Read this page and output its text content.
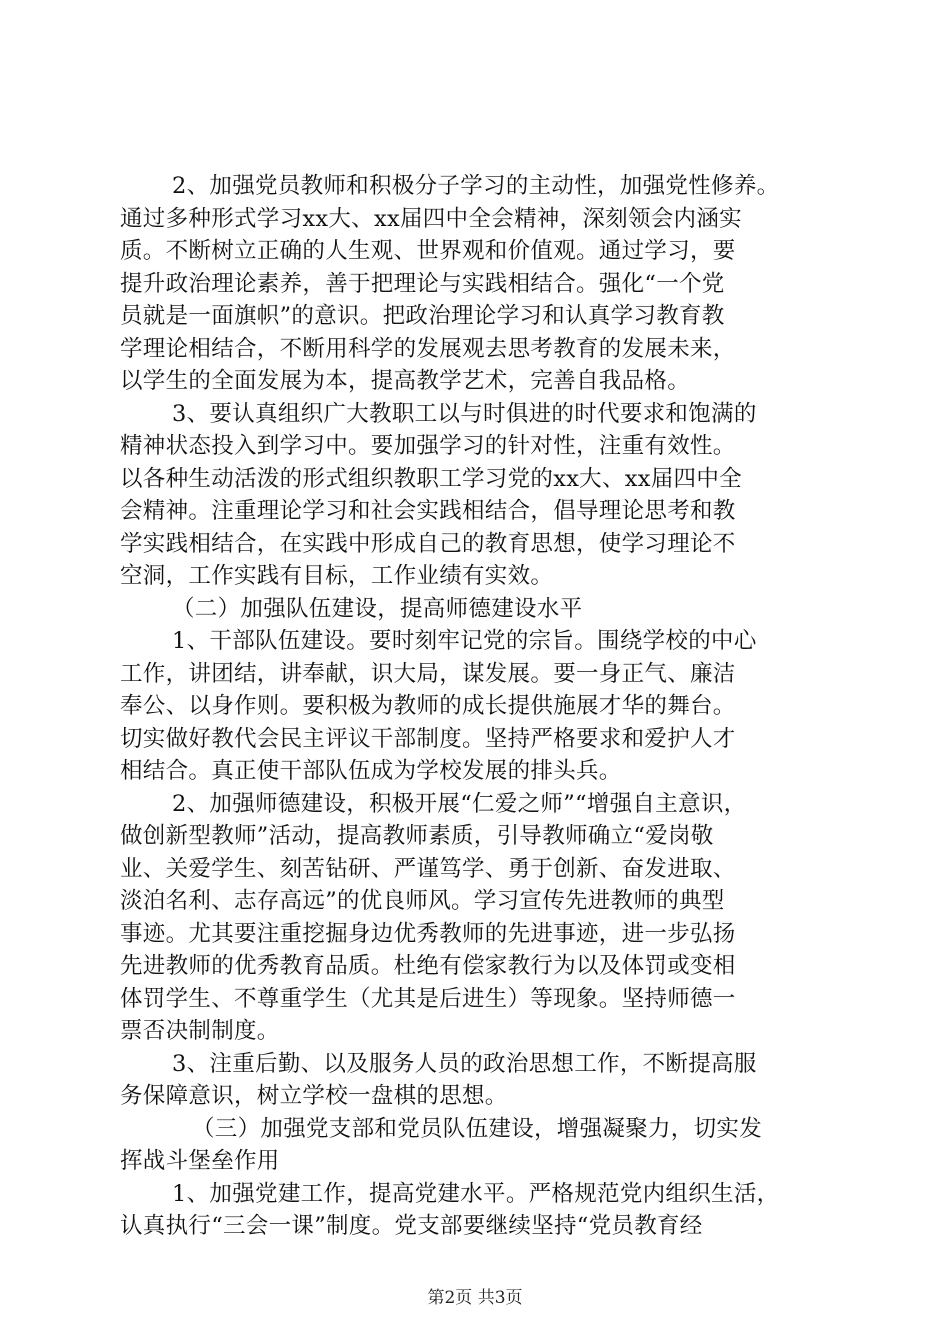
2、加强党员教师和积极分子学习的主动性，加强党性修养。
通过多种形式学习xx大、xx届四中全会精神，深刻领会内涵实
质。不断树立正确的人生观、世界观和价值观。通过学习，要
提升政治理论素养，善于把理论与实践相结合。强化“一个党
员就是一面旗帜”的意识。把政治理论学习和认真学习教育教
学理论相结合，不断用科学的发展观去思考教育的发展未来，
以学生的全面发展为本，提高教学艺术，完善自我品格。
3、要认真组织广大教职工以与时俱进的时代要求和饱满的
精神状态投入到学习中。要加强学习的针对性，注重有效性。
以各种生动活泼的形式组织教职工学习党的xx大、xx届四中全
会精神。注重理论学习和社会实践相结合，倡导理论思考和教
学实践相结合，在实践中形成自己的教育思想，使学习理论不
空洞，工作实践有目标，工作业绩有实效。
（二）加强队伍建设，提高师德建设水平
1、干部队伍建设。要时刻牢记党的宗旨。围绕学校的中心
工作，讲团结，讲奉献，识大局，谋发展。要一身正气、廉洁
奉公、以身作则。要积极为教师的成长提供施展才华的舞台。
切实做好教代会民主评议干部制度。坚持严格要求和爱护人才
相结合。真正使干部队伍成为学校发展的排头兵。
2、加强师德建设，积极开展“仁爱之师”“增强自主意识，
做创新型教师”活动，提高教师素质，引导教师确立“爱岗敬
业、关爱学生、刻苦钻研、严谨笃学、勇于创新、奋发进取、
淡泊名利、志存高远”的优良师风。学习宣传先进教师的典型
事迹。尤其要注重挖掘身边优秀教师的先进事迹，进一步弘扬
先进教师的优秀教育品质。杜绝有偿家教行为以及体罚或变相
体罚学生、不尊重学生（尤其是后进生）等现象。坚持师德一
票否决制制度。
3、注重后勤、以及服务人员的政治思想工作，不断提高服
务保障意识，树立学校一盘棋的思想。
（三）加强党支部和党员队伍建设，增强凝聚力，切实发
挥战斗堡垒作用
1、加强党建工作，提高党建水平。严格规范党内组织生活，
认真执行“三会一课”制度。党支部要继续坚持“党员教育经
第2页 共3页
